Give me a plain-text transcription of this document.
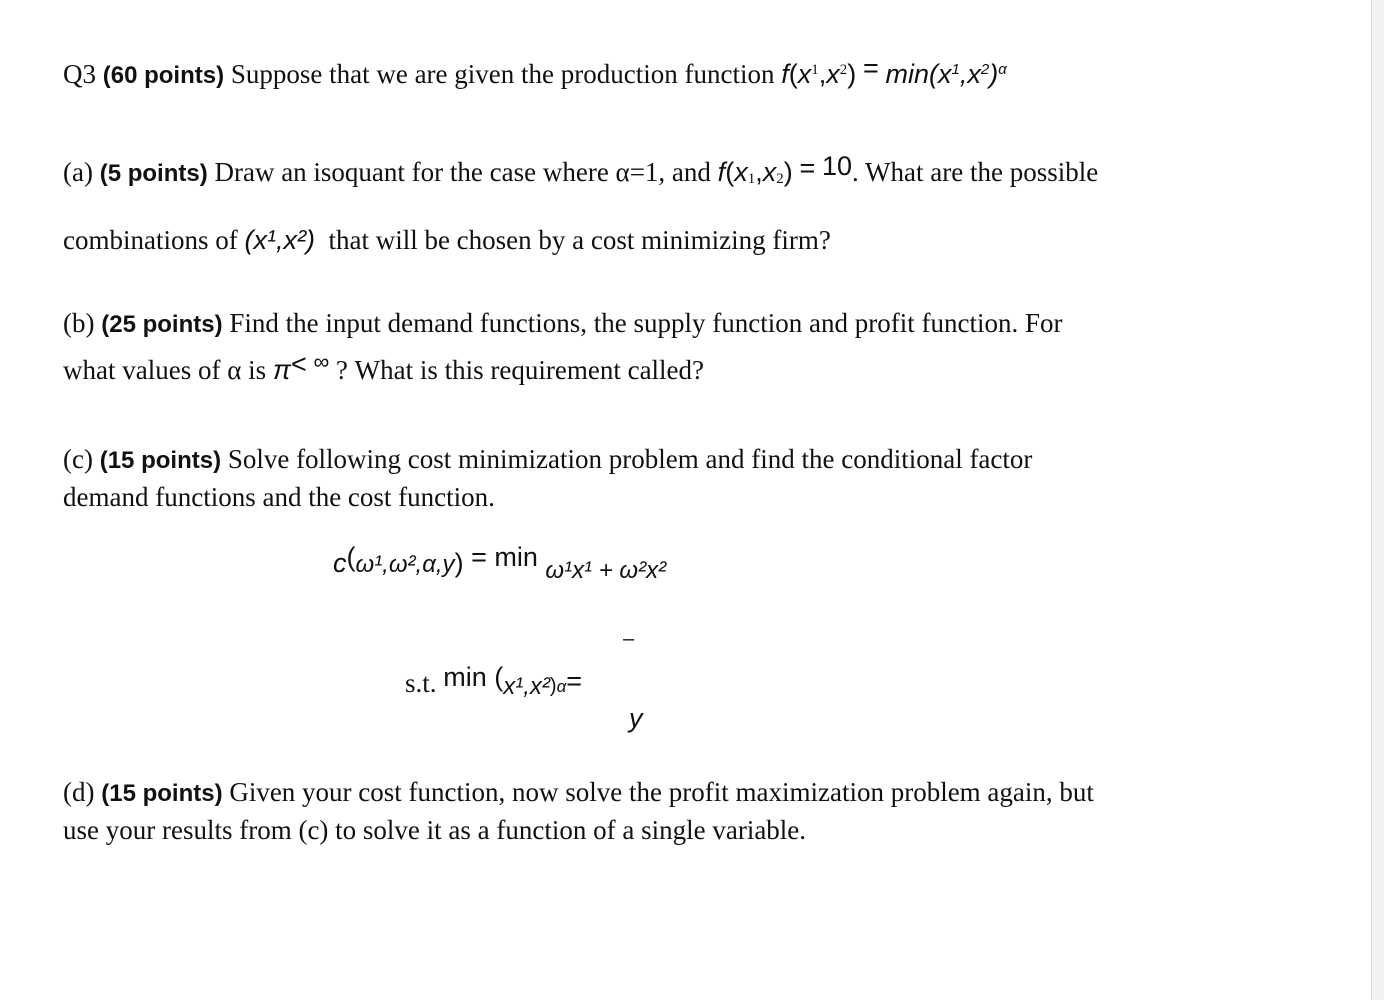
Q3 (60 points) Suppose that we are given the production function $f(x^1,x^2) = \min(x^1,x^2)^\alpha$
(a) (5 points) Draw an isoquant for the case where α=1, and f(x1,x2) = 10. What are the possible
combinations of (x¹,x²) that will be chosen by a cost minimizing firm?
(b) (25 points) Find the input demand functions, the supply function and profit function. For
what values of α is π< ∞ ? What is this requirement called?
(c) (15 points) Solve following cost minimization problem and find the conditional factor
demand functions and the cost function.
c(ω¹,ω²,α,y) = min ω¹x¹ + ω²x²
s.t. $\min (x^1,x^2_{)\alpha}=$
–
y
(d) (15 points) Given your cost function, now solve the profit maximization problem again, but
use your results from (c) to solve it as a function of a single variable.
